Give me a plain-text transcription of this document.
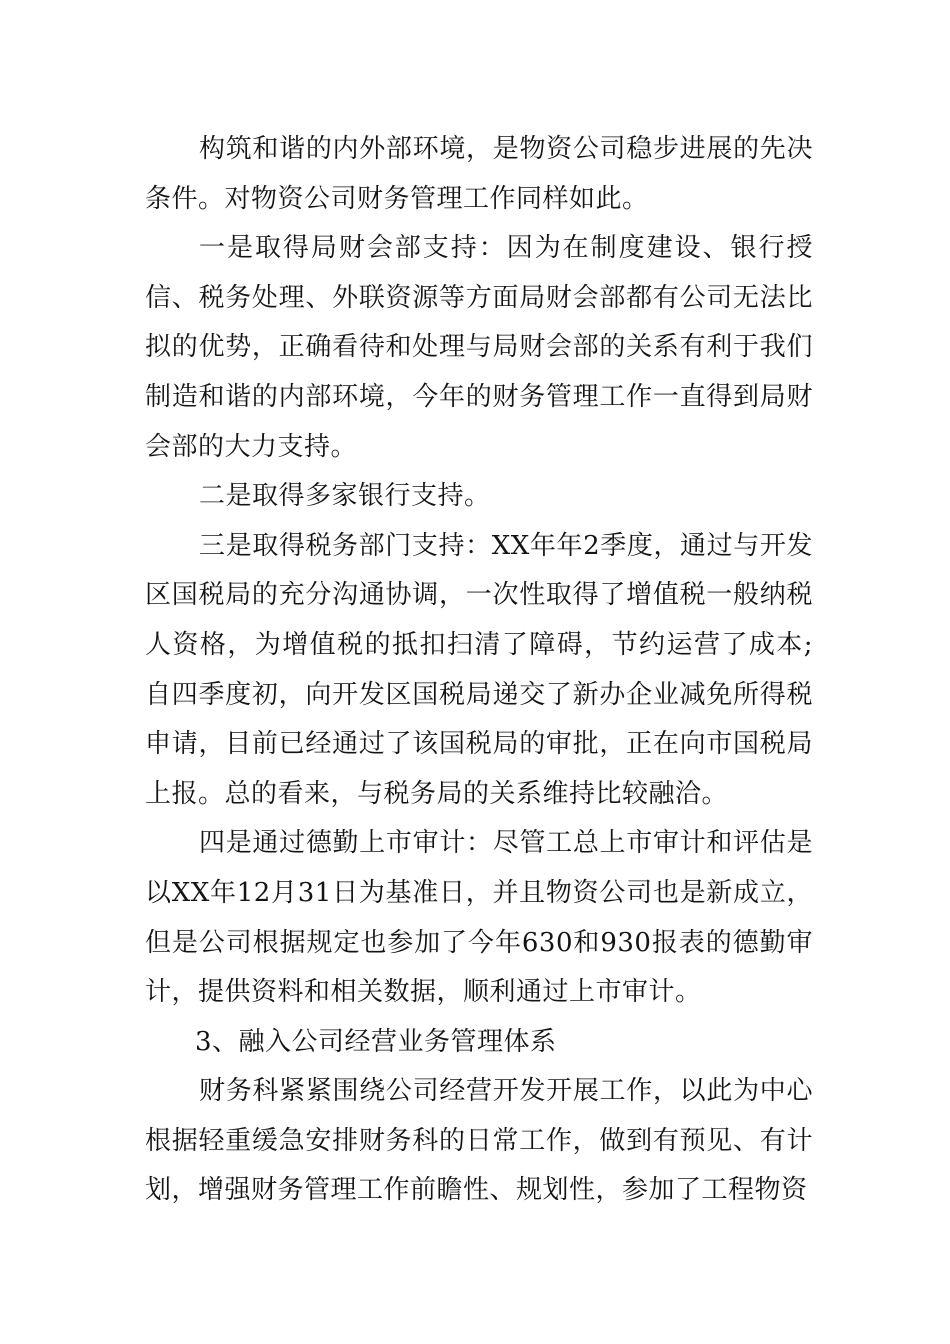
构筑和谐的内外部环境，是物资公司稳步进展的先决条件。对物资公司财务管理工作同样如此。

一是取得局财会部支持：因为在制度建设、银行授信、税务处理、外联资源等方面局财会部都有公司无法比拟的优势，正确看待和处理与局财会部的关系有利于我们制造和谐的内部环境，今年的财务管理工作一直得到局财会部的大力支持。

二是取得多家银行支持。

三是取得税务部门支持：XX年年2季度，通过与开发区国税局的充分沟通协调，一次性取得了增值税一般纳税人资格，为增值税的抵扣扫清了障碍，节约运营了成本;自四季度初，向开发区国税局递交了新办企业减免所得税申请，目前已经通过了该国税局的审批，正在向市国税局上报。总的看来，与税务局的关系维持比较融洽。

四是通过德勤上市审计：尽管工总上市审计和评估是以XX年12月31日为基准日，并且物资公司也是新成立，但是公司根据规定也参加了今年630和930报表的德勤审计，提供资料和相关数据，顺利通过上市审计。

3、融入公司经营业务管理体系

财务科紧紧围绕公司经营开发开展工作，以此为中心根据轻重缓急安排财务科的日常工作，做到有预见、有计划，增强财务管理工作前瞻性、规划性，参加了工程物资
